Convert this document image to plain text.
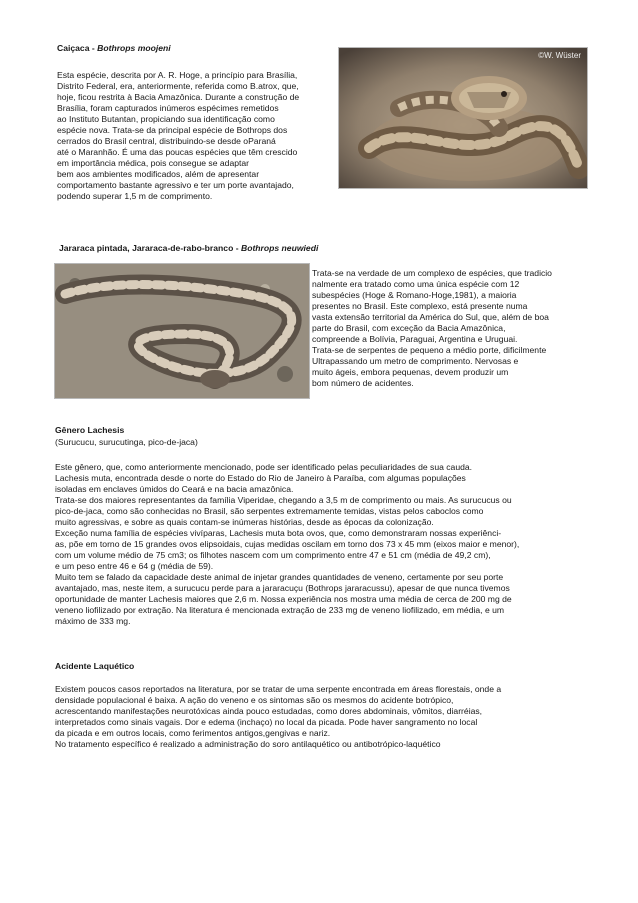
Caiçaca - Bothrops moojeni
Esta espécie, descrita por A. R. Hoge, a princípio para Brasília,
Distrito Federal, era, anteriormente, referida como B.atrox, que,
hoje, ficou restrita à Bacia Amazônica. Durante a construção de
Brasília, foram capturados inúmeros espécimes remetidos
ao Instituto Butantan, propiciando sua identificação como
espécie nova. Trata-se da principal espécie de Bothrops dos
cerrados do Brasil central, distribuindo-se desde oParaná
até o Maranhão. É uma das poucas espécies que têm crescido
em importância médica, pois consegue se adaptar
bem aos ambientes modificados, além de apresentar
comportamento bastante agressivo e ter um porte avantajado,
podendo superar 1,5 m de comprimento.
©W. Wüster
Jararaca pintada, Jararaca-de-rabo-branco - Bothrops neuwiedi
Trata-se na verdade de um complexo de espécies, que tradicio
nalmente era tratado como uma única espécie com 12
subespécies (Hoge & Romano-Hoge,1981), a maioria
presentes no Brasil. Este complexo, está presente numa
vasta extensão territorial da América do Sul, que, além de boa
parte do Brasil, com exceção da Bacia Amazônica,
compreende a Bolívia, Paraguai, Argentina e Uruguai.
Trata-se de serpentes de pequeno a médio porte, dificilmente
Ultrapassando um metro de comprimento. Nervosas e
muito ágeis, embora pequenas, devem produzir um
bom número de acidentes.
Gênero Lachesis
(Surucucu, surucutinga, pico-de-jaca)
Este gênero, que, como anteriormente mencionado, pode ser identificado pelas peculiaridades de sua cauda.
Lachesis muta, encontrada desde o norte do Estado do Rio de Janeiro à Paraíba, com algumas populações
isoladas em enclaves úmidos do Ceará e na bacia amazônica.
Trata-se dos maiores representantes da família Viperidae, chegando a 3,5 m de comprimento ou mais. As surucucus ou
pico-de-jaca, como são conhecidas no Brasil, são serpentes extremamente temidas, vistas pelos caboclos como
muito agressivas, e sobre as quais contam-se inúmeras histórias, desde as épocas da colonização.
Exceção numa família de espécies vivíparas, Lachesis muta bota ovos, que, como demonstraram nossas experiênci-
as, põe em torno de 15 grandes ovos elipsoidais, cujas medidas oscilam em torno dos 73 x 45 mm (eixos maior e menor),
com um volume médio de 75 cm3; os filhotes nascem com um comprimento entre 47 e 51 cm (média de 49,2 cm),
e um peso entre 46 e 64 g (média de 59).
Muito tem se falado da capacidade deste animal de injetar grandes quantidades de veneno, certamente por seu porte
avantajado, mas, neste item, a surucucu perde para a jararacuçu (Bothrops jararacussu), apesar de que nunca tivemos
oportunidade de manter Lachesis maiores que 2,6 m. Nossa experiência nos mostra uma média de cerca de 200 mg de
veneno liofilizado por extração. Na literatura é mencionada extração de 233 mg de veneno liofilizado, em média, e um
máximo de 333 mg.
Acidente Laquético
Existem poucos casos reportados na literatura, por se tratar de uma serpente encontrada em áreas florestais, onde a
densidade populacional é baixa. A ação do veneno e os sintomas são os mesmos do acidente botrópico,
acrescentando manifestações neurotóxicas ainda pouco estudadas, como dores abdominais, vômitos, diarréias,
interpretados como sinais vagais. Dor e edema (inchaço) no local da picada. Pode haver sangramento no local
da picada e em outros locais, como ferimentos antigos,gengivas e nariz.
No tratamento específico é realizado a administração do soro antilaquético ou antibotrópico-laquético
